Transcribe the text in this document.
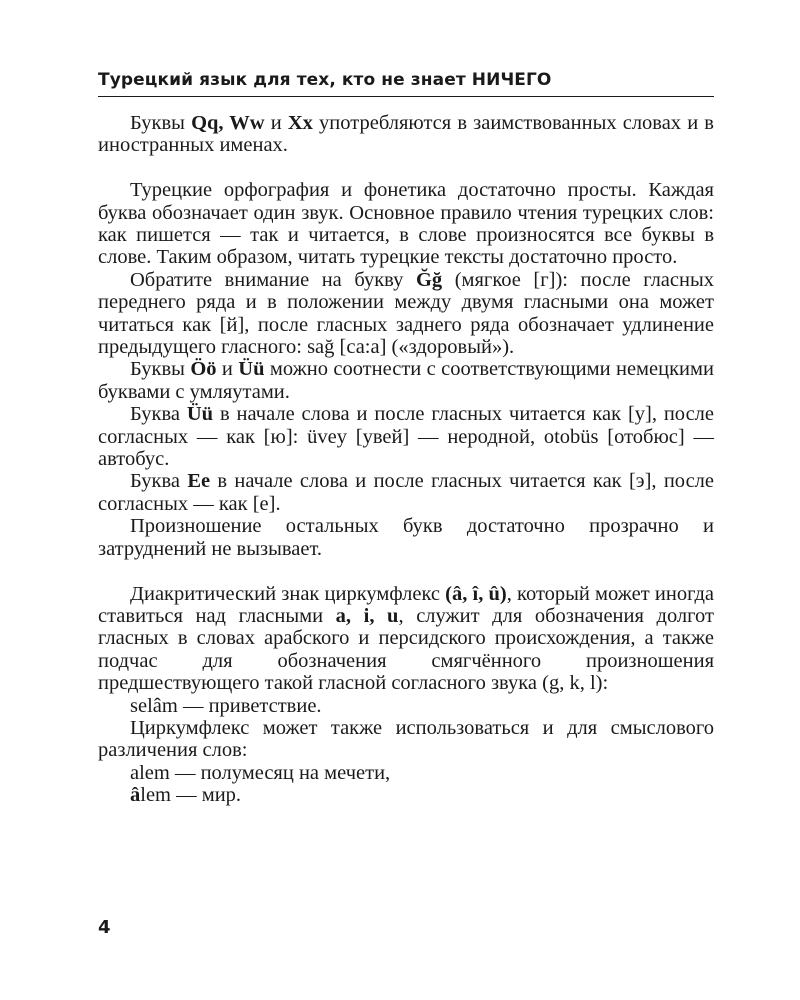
Турецкий язык для тех, кто не знает НИЧЕГО

Буквы Qq, Ww и Xx употребляются в заимствованных словах и в иностранных именах.

Турецкие орфография и фонетика достаточно просты. Каждая буква обозначает один звук. Основное правило чтения турецких слов: как пишется — так и читается, в слове произносятся все буквы в слове. Таким образом, читать турецкие тексты достаточно просто.

Обратите внимание на букву Ğğ (мягкое [г]): после гласных переднего ряда и в положении между двумя гласными она может читаться как [й], после гласных заднего ряда обозначает удлинение предыдущего гласного: sağ [са:а] («здоровый»).

Буквы Öö и Üü можно соотнести с соответствующими немецкими буквами с умляутами.

Буква Üü в начале слова и после гласных читается как [у], после согласных — как [ю]: üvey [увей] — неродной, otobüs [отобюс] — автобус.

Буква Ee в начале слова и после гласных читается как [э], после согласных — как [е].

Произношение остальных букв достаточно прозрачно и затруднений не вызывает.

Диакритический знак циркумфлекс (â, î, û), который может иногда ставиться над гласными a, i, u, служит для обозначения долгот гласных в словах арабского и персидского происхождения, а также подчас для обозначения смягчённого произношения предшествующего такой гласной согласного звука (g, k, l):

selâm — приветствие.

Циркумфлекс может также использоваться и для смыслового различения слов:

alem — полумесяц на мечети,

âlem — мир.

4
